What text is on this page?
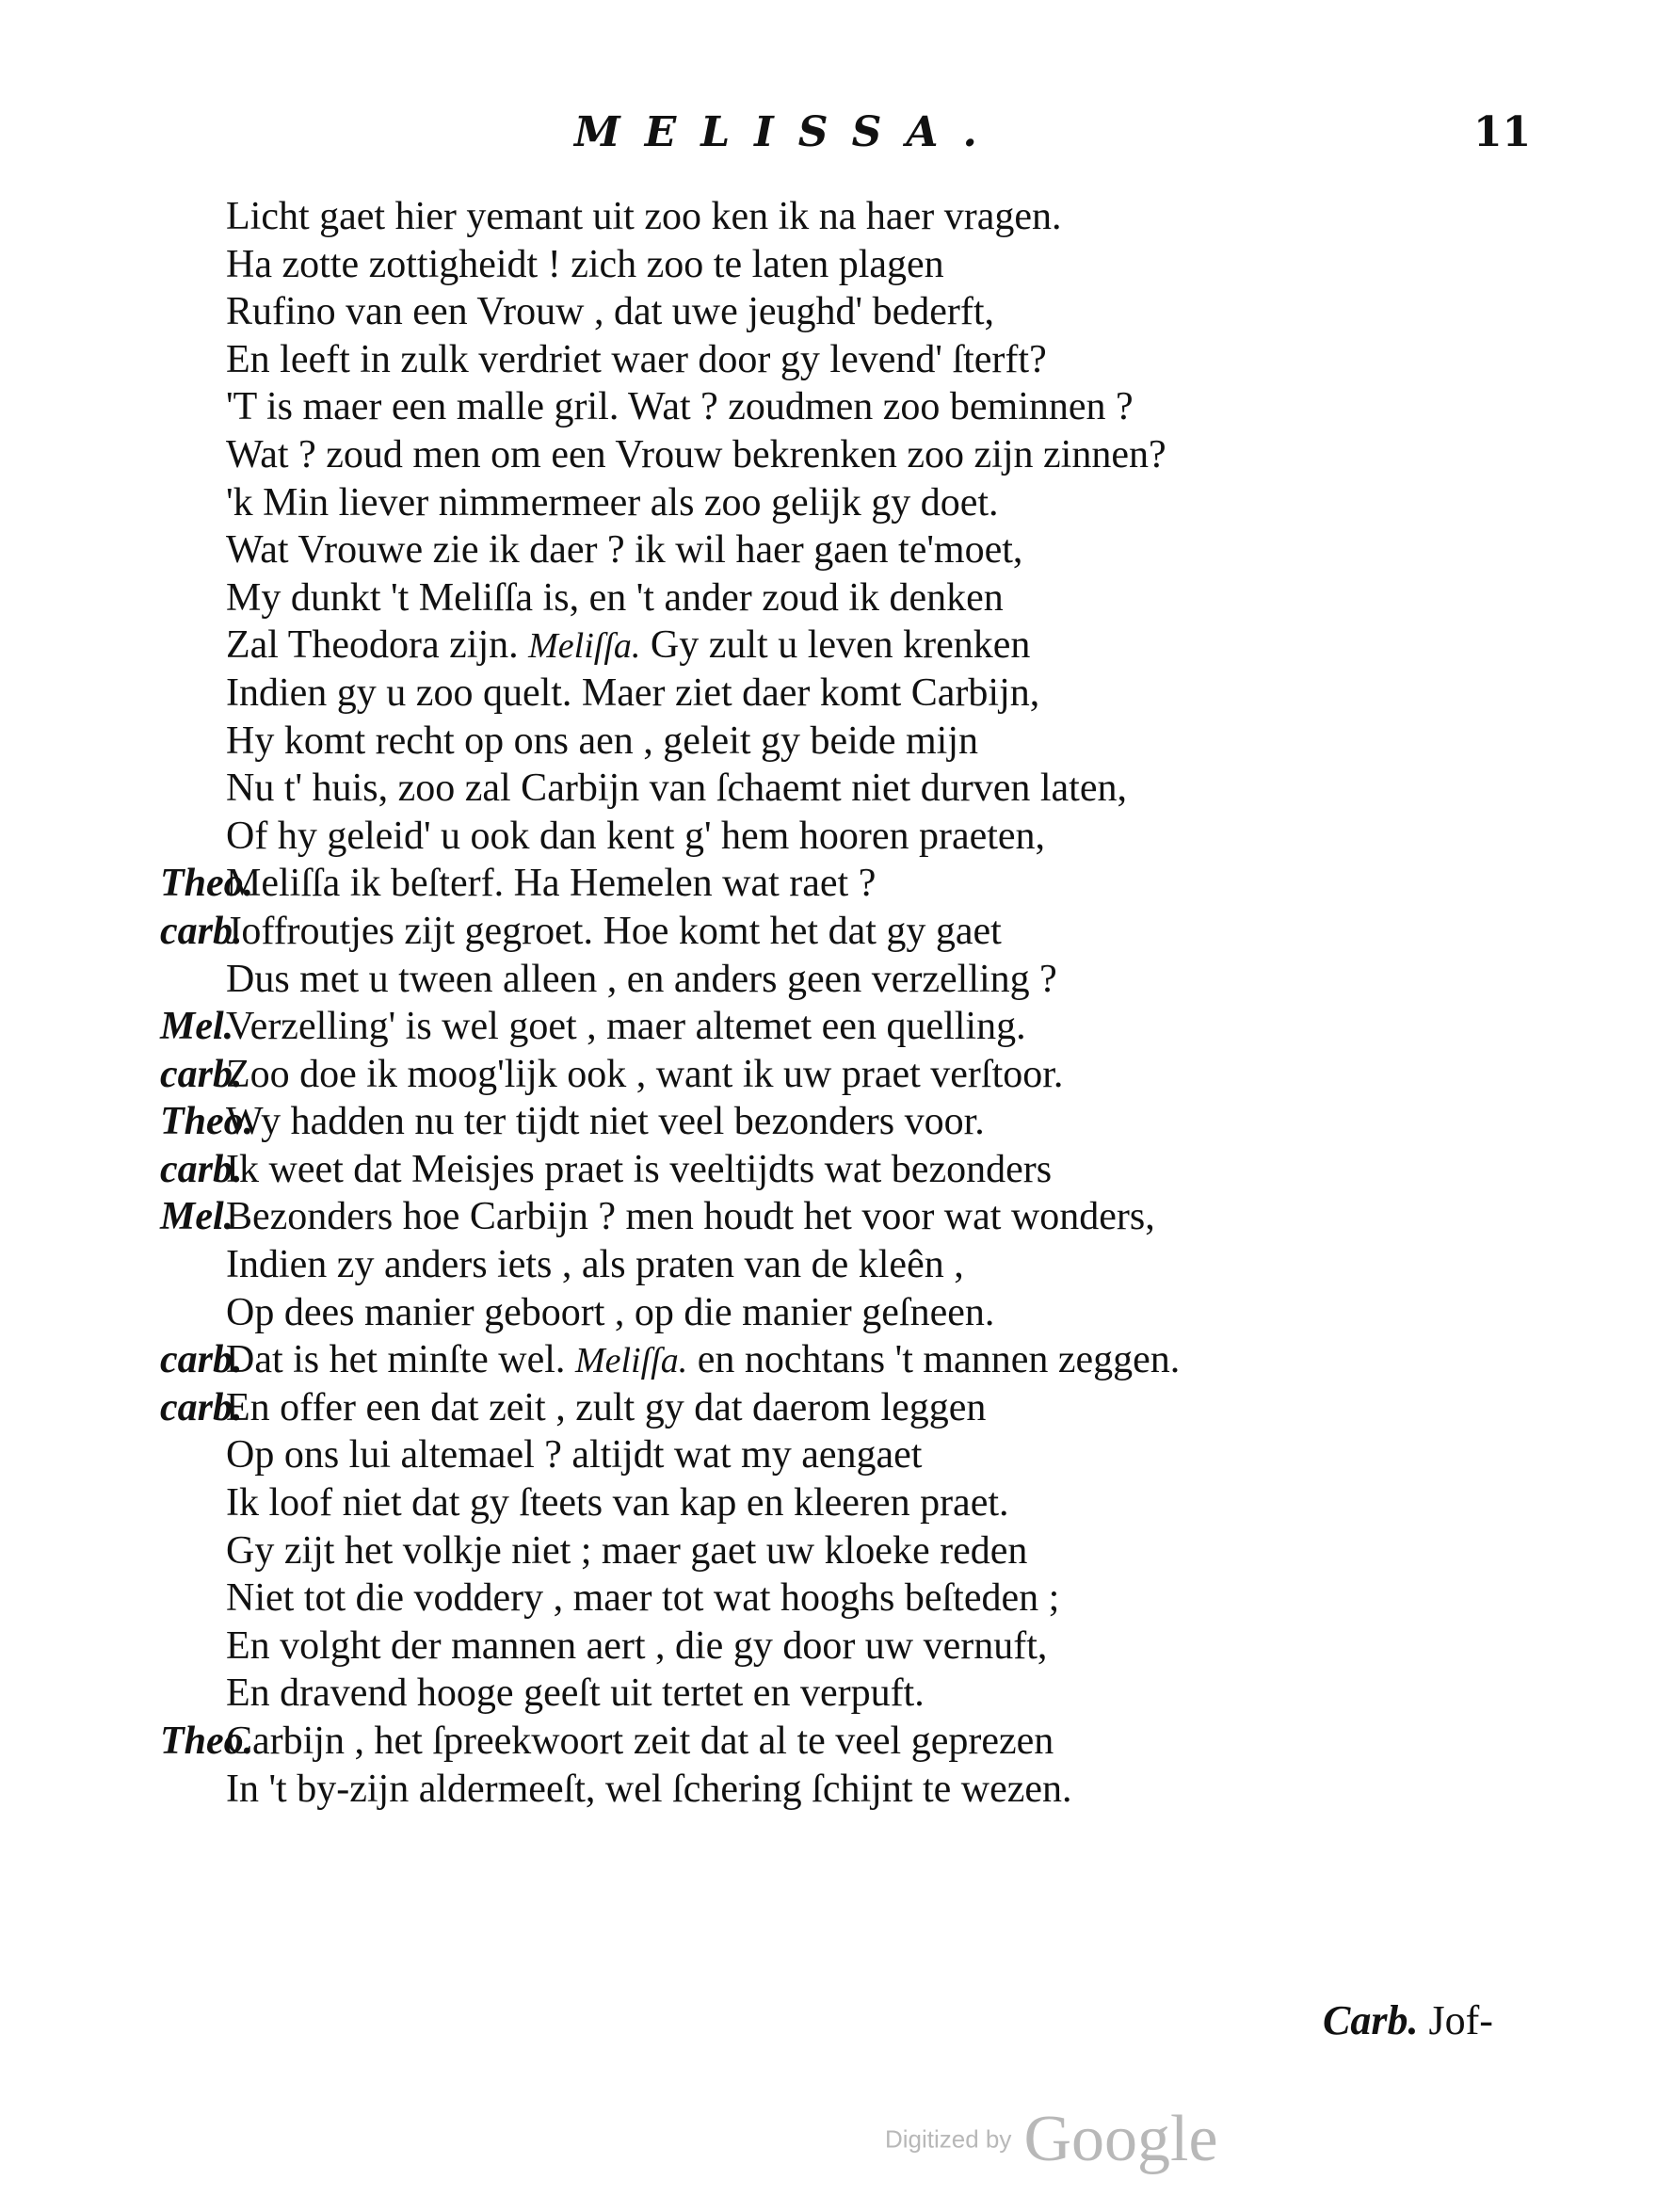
MELISSA.	11
Licht gaet hier yemant uit zoo ken ik na haer vragen.
Ha zotte zottigheidt ! zich zoo te laten plagen
Rufino van een Vrouw , dat uwe jeughd' bederft,
En leeft in zulk verdriet waer door gy levend' ſterft?
'T is maer een malle gril. Wat ? zoudmen zoo beminnen ?
Wat ? zoud men om een Vrouw bekrenken zoo zijn zinnen?
'k Min liever nimmermeer als zoo gelijk gy doet.
Wat Vrouwe zie ik daer ? ik wil haer gaen te'moet,
My dunkt 't Meliſſa is, en 't ander zoud ik denken
Zal Theodora zijn. Meliſſa. Gy zult u leven krenken
Indien gy u zoo quelt. Maer ziet daer komt Carbijn,
Hy komt recht op ons aen , geleit gy beide mijn
Nu t' huis, zoo zal Carbijn van ſchaemt niet durven laten,
Of hy geleid' u ook dan kent g' hem hooren praeten,
Theo.
Meliſſa ik beſterf. Ha Hemelen wat raet ?
carb.
Joffroutjes zijt gegroet. Hoe komt het dat gy gaet
Dus met u tween alleen , en anders geen verzelling ?
Mel.
Verzelling' is wel goet , maer altemet een quelling.
carb.
Zoo doe ik moog'lijk ook , want ik uw praet verſtoor.
Theo.
Wy hadden nu ter tijdt niet veel bezonders voor.
carb.
Ik weet dat Meisjes praet is veeltijdts wat bezonders
Mel.
Bezonders hoe Carbijn ? men houdt het voor wat wonders,
Indien zy anders iets , als praten van de kleên ,
Op dees manier geboort , op die manier geſneen.
carb.
Dat is het minſte wel. Meliſſa. en nochtans 't mannen zeggen.
carb.
En offer een dat zeit , zult gy dat daerom leggen
Op ons lui altemael ? altijdt wat my aengaet
Ik loof niet dat gy ſteets van kap en kleeren praet.
Gy zijt het volkje niet ; maer gaet uw kloeke reden
Niet tot die voddery , maer tot wat hooghs beſteden ;
En volght der mannen aert , die gy door uw vernuft,
En dravend hooge geeſt uit tertet en verpuft.
Theo.
Carbijn , het ſpreekwoort zeit dat al te veel geprezen
In 't by-zijn aldermeeſt, wel ſchering ſchijnt te wezen.
Carb. Jof-
Digitized by Google
